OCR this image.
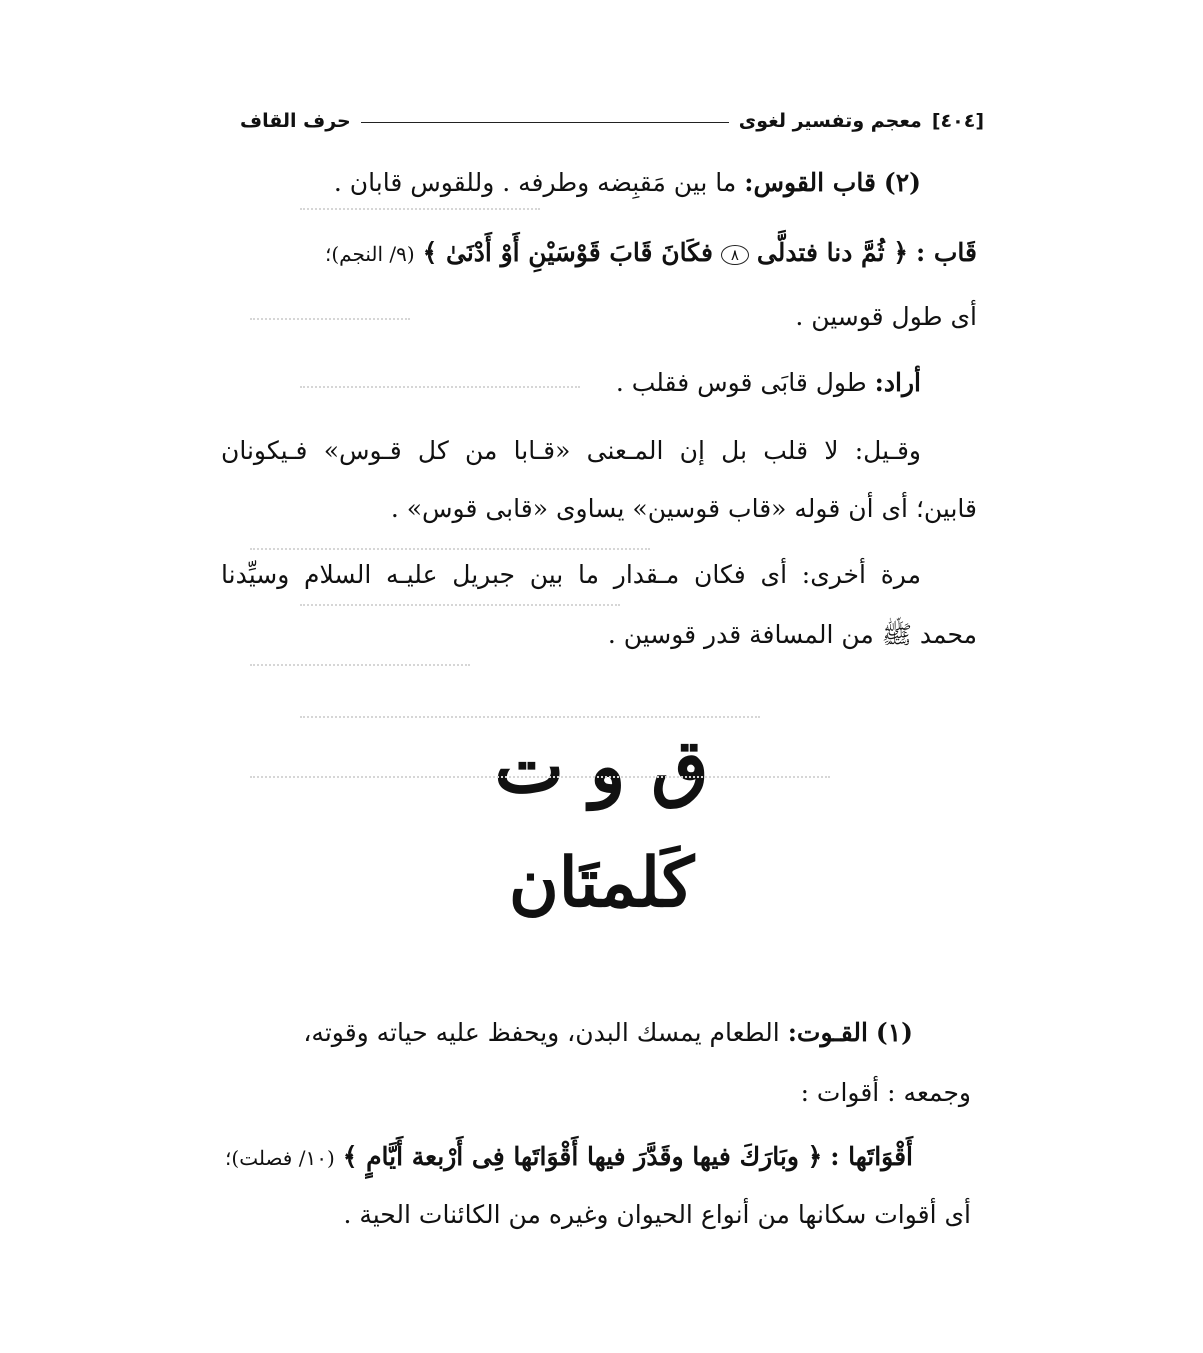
[٤٠٤]
معجم وتفسير لغوى
حرف القاف
(٢) قاب القوس: ما بين مَقبِضه وطرفه . وللقوس قابان .
قَاب : ﴿ ثُمَّ دنا فتدلَّى ٨ فكَانَ قَابَ قَوْسَيْنِ أَوْ أَدْنَىٰ ﴾ (٩/ النجم)؛
أى طول قوسين .
أراد: طول قابَى قوس فقلب .
وقـيل: لا قلب بل إن المـعنى «قـابا من كل قـوس» فـيكونان
قابين؛ أى أن قوله «قاب قوسين» يساوى «قابى قوس» .
مرة أخرى: أى فكان مـقدار ما بين جبريل عليـه السلام وسيِّدنا
محمد ﷺ من المسافة قدر قوسين .
ق و ت
كَلمتَان
(١) القـوت: الطعام يمسك البدن، ويحفظ عليه حياته وقوته،
وجمعه : أقوات :
أَقْوَاتَها : ﴿ وبَارَكَ فيها وقَدَّرَ فيها أَقْوَاتَها فِى أَرْبعة أَيَّامٍ ﴾ (١٠/ فصلت)؛
أى أقوات سكانها من أنواع الحيوان وغيره من الكائنات الحية .
